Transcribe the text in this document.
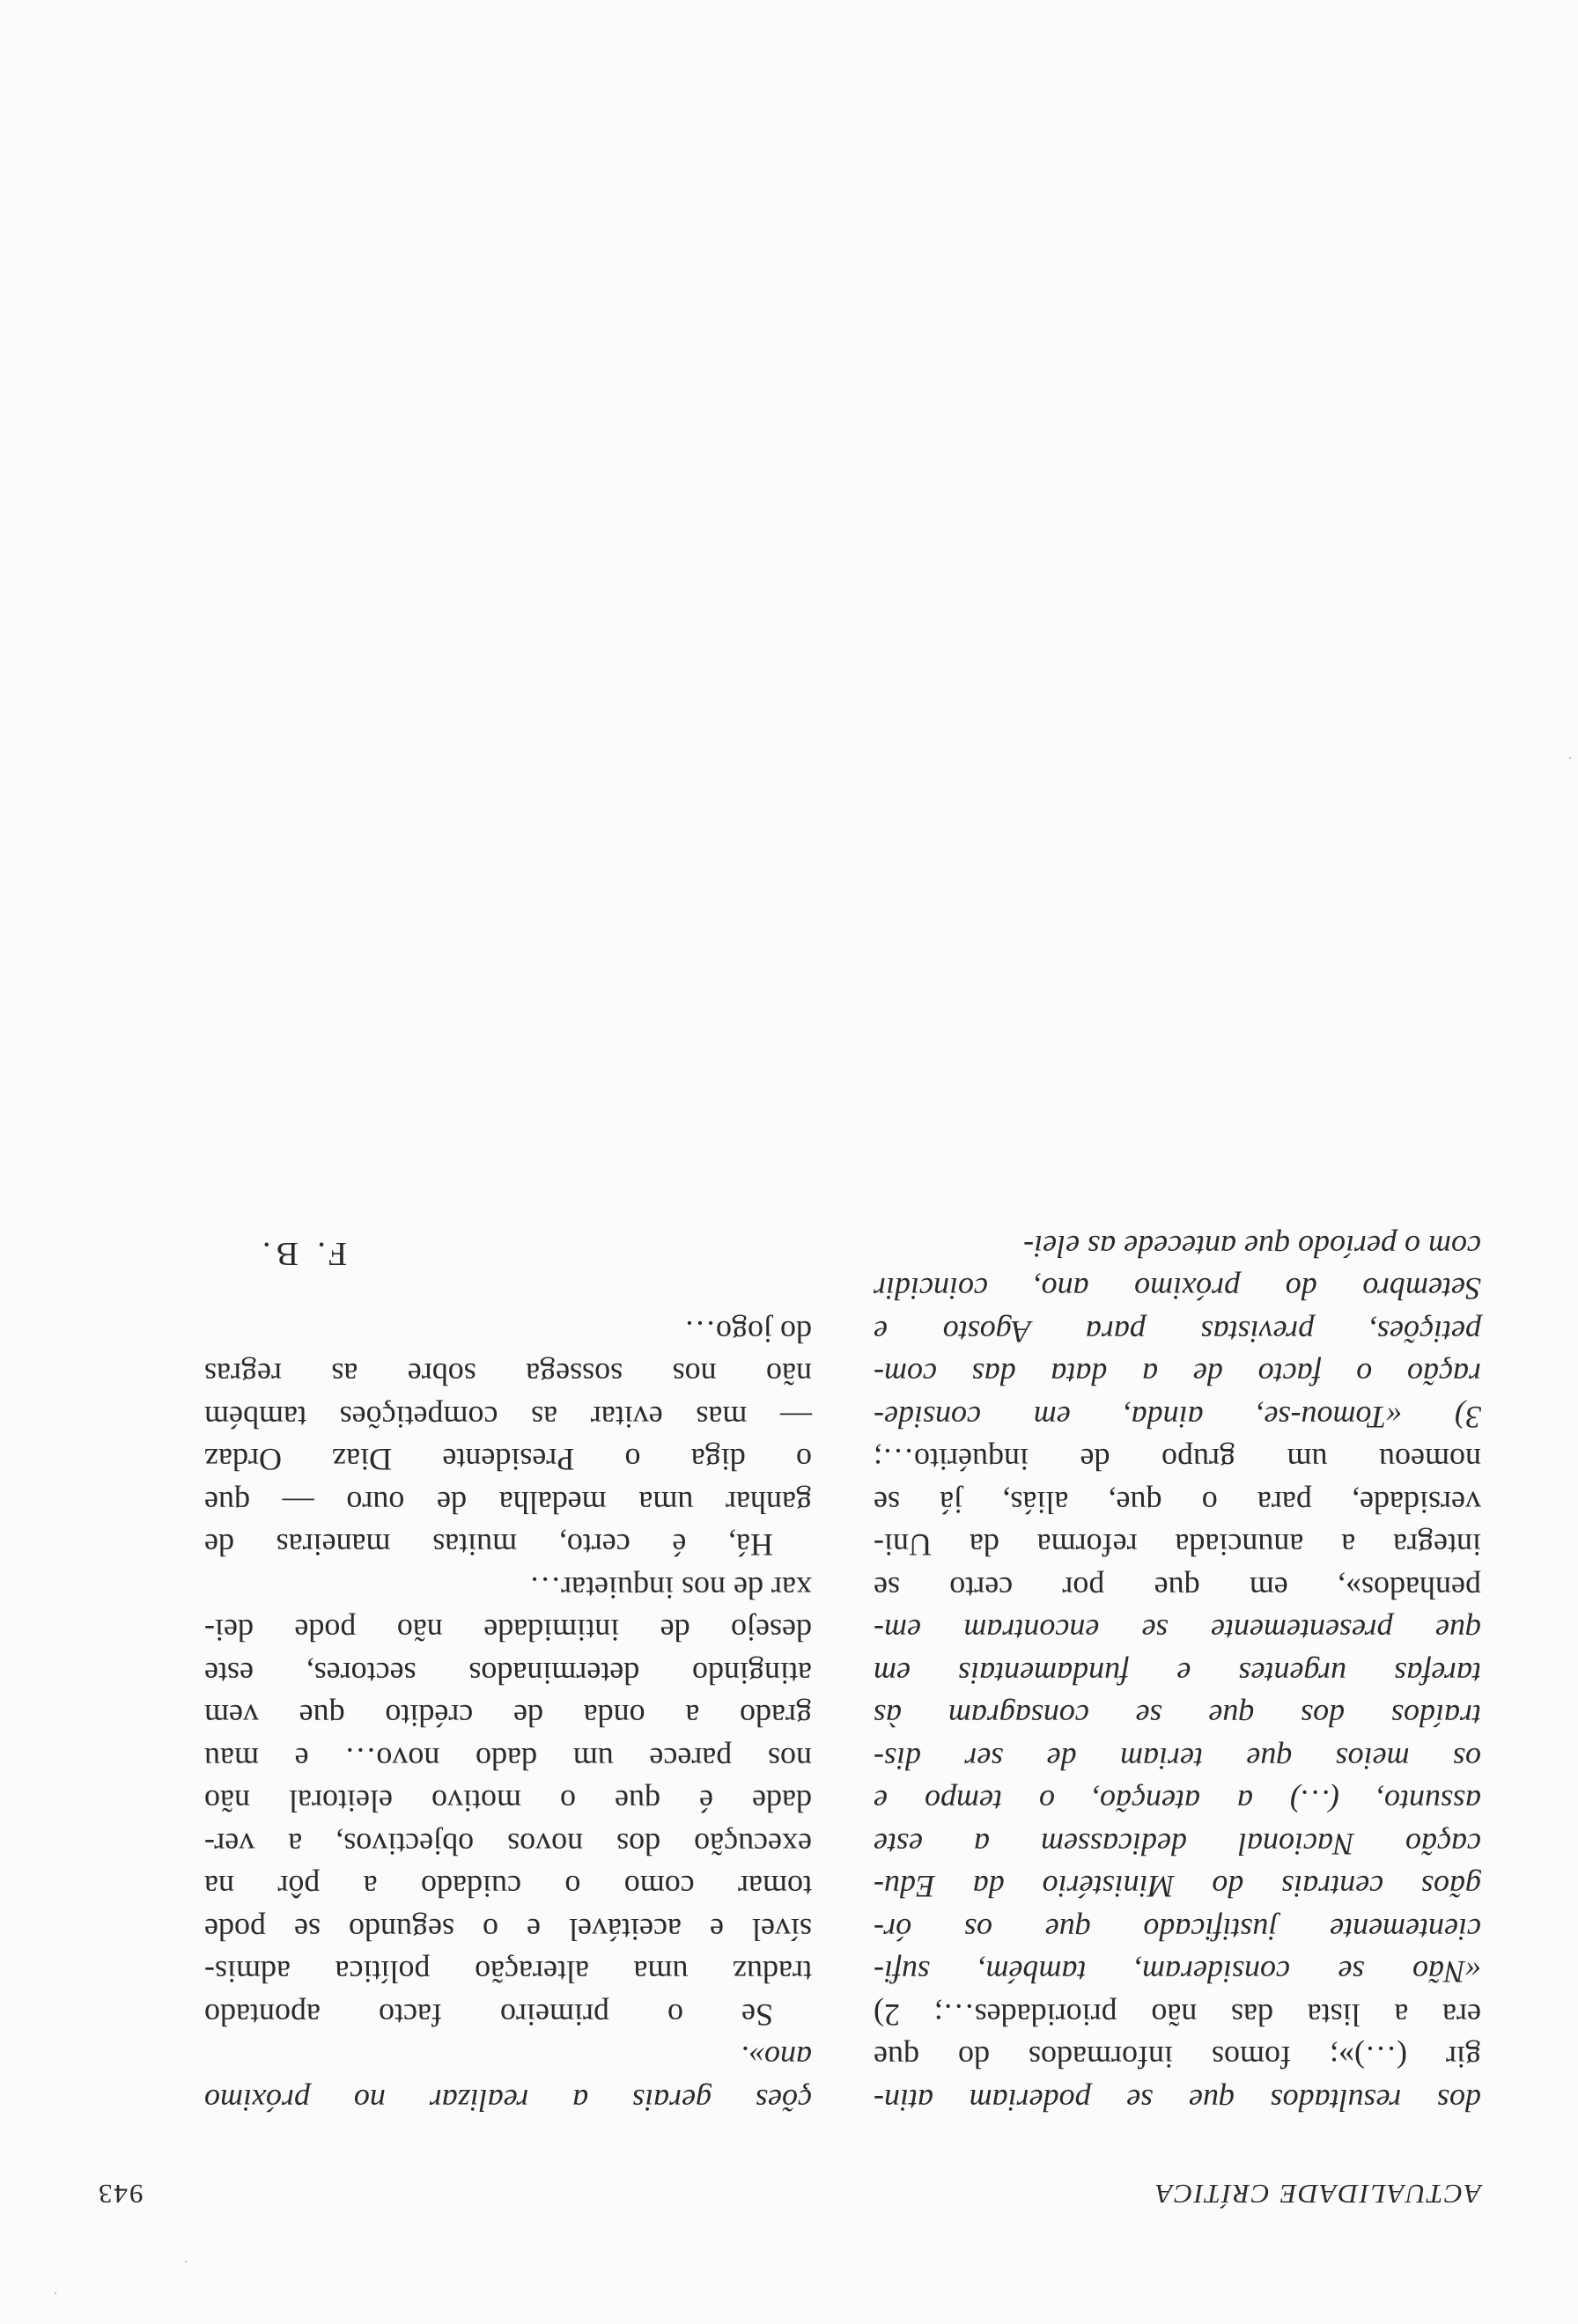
ACTUALIDADE CRÍTICA
943
dos resultados que se poderiam atin-
gir (…)»; fomos informados do que
era a lista das não prioridades…; 2)
«Não se consideram, também, sufi-
cientemente justificado que os ór-
gãos centrais do Ministério da Edu-
cação Nacional dedicassem a este
assunto, (…) a atenção, o tempo e
os meios que teriam de ser dis-
traídos dos que se consagram às
tarefas urgentes e fundamentais em
que presentemente se encontram em-
penhados», em que por certo se
integra a anunciada reforma da Uni-
versidade, para o que, aliás, já se
nomeou um grupo de inquérito…;
3) «Tomou-se, ainda, em conside-
ração o facto de a data das com-
petições, previstas para Agosto e
Setembro do próximo ano, coincidir
com o período que antecede as elei-
ções gerais a realizar no próximo
ano».
Se o primeiro facto apontado
traduz uma alteração política admis-
sível e aceitável e o segundo se pode
tomar como o cuidado a pôr na
execução dos novos objectivos, a ver-
dade é que o motivo eleitoral não
nos parece um dado novo… e mau
grado a onda de crédito que vem
atingindo determinados sectores, este
desejo de intimidade não pode dei-
xar de nos inquietar…
Há, é certo, muitas maneiras de
ganhar uma medalha de ouro — que
o diga o Presidente Diaz Ordaz
— mas evitar as competições também
não nos sossega sobre as regras
do jogo…
F. B.
